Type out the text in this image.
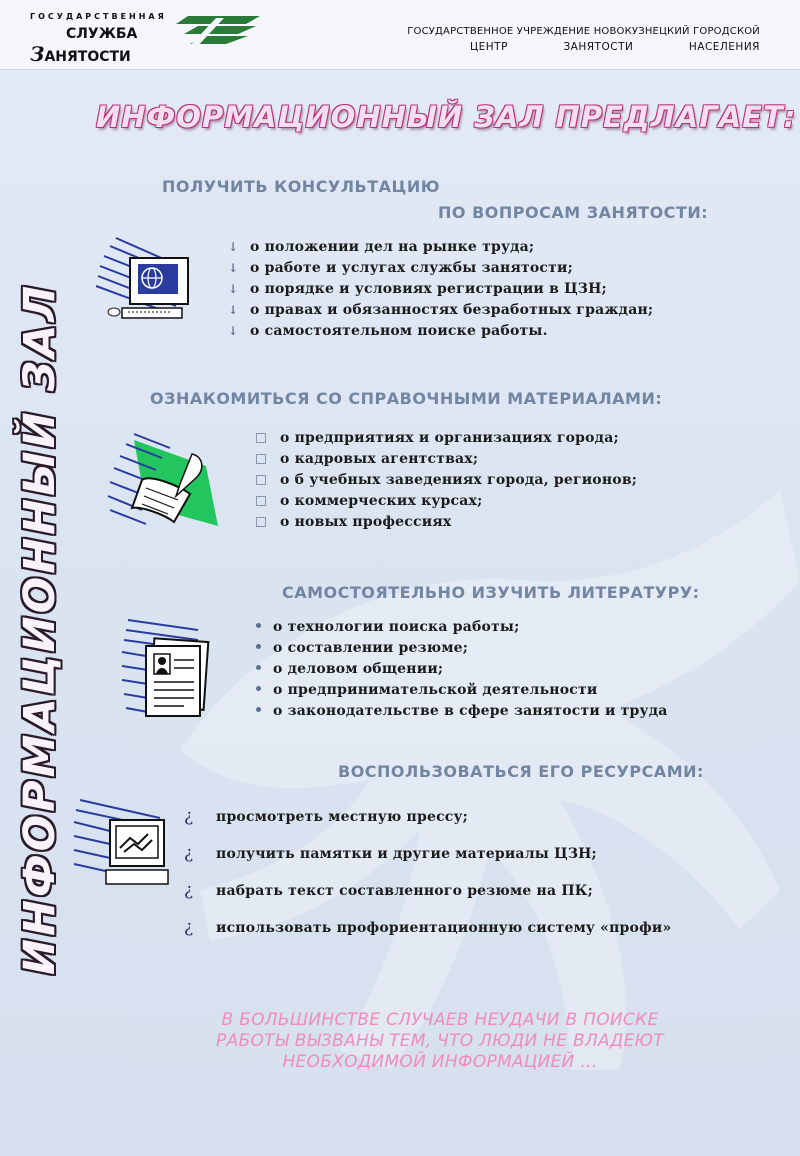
ГОСУДАРСТВЕННАЯ
СЛУЖБА
ЗАНЯТОСТИ
ГОСУДАРСТВЕННОЕ УЧРЕЖДЕНИЕ НОВОКУЗНЕЦКИЙ ГОРОДСКОЙ
ЦЕНТР	ЗАНЯТОСТИ	НАСЕЛЕНИЯ
ИНФОРМАЦИОННЫЙ ЗАЛ
ИНФОРМАЦИОННЫЙ ЗАЛ ПРЕДЛАГАЕТ:
ПОЛУЧИТЬ КОНСУЛЬТАЦИЮ
ПО ВОПРОСАМ ЗАНЯТОСТИ:
↓ о положении дел на рынке труда;
↓ о работе и услугах службы занятости;
↓ о порядке и условиях регистрации в ЦЗН;
↓ о правах и обязанностях безработных граждан;
↓ о самостоятельном поиске работы.
ОЗНАКОМИТЬСЯ СО СПРАВОЧНЫМИ МАТЕРИАЛАМИ:
о предприятиях и организациях города;
о кадровых агентствах;
о б учебных заведениях города, регионов;
о коммерческих курсах;
о новых профессиях
САМОСТОЯТЕЛЬНО ИЗУЧИТЬ ЛИТЕРАТУРУ:
о технологии поиска работы;
о составлении резюме;
о деловом общении;
о предпринимательской деятельности
о законодательстве в сфере занятости и труда
ВОСПОЛЬЗОВАТЬСЯ ЕГО РЕСУРСАМИ:
¿	просмотреть местную прессу;
¿	получить памятки и другие материалы ЦЗН;
¿	набрать текст составленного резюме на ПК;
¿	использовать профориентационную систему «профи»
В БОЛЬШИНСТВЕ СЛУЧАЕВ НЕУДАЧИ В ПОИСКЕ
РАБОТЫ ВЫЗВАНЫ ТЕМ, ЧТО ЛЮДИ НЕ ВЛАДЕЮТ
НЕОБХОДИМОЙ ИНФОРМАЦИЕЙ …
